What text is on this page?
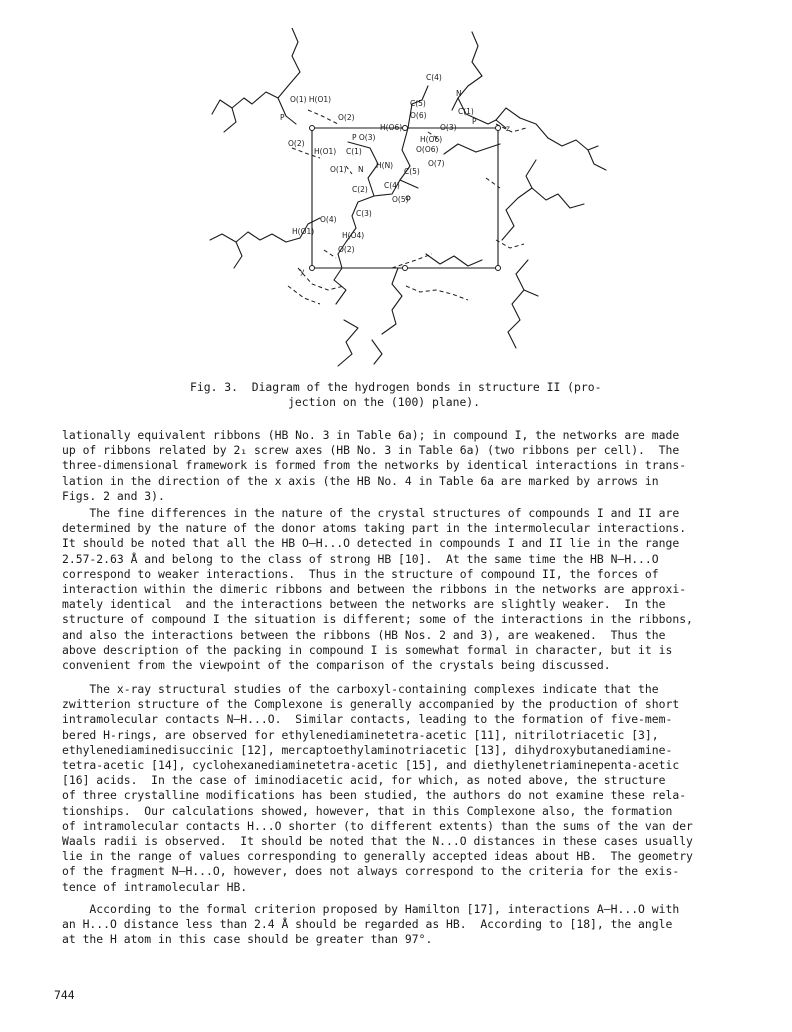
C(4)
N
O(1) H(O1)
P	O(2)
C(5)
O(6)	C(1)
H(O6)	O(3)
P
z
O(2)
P O(3)	H(O6)
H(O1) C(1)	O(O6)
O(1) N H(N)
C(5)
O(7)
C(2) C(4)
O(5)
C(3)
O(4)
H(O1)	H(O4)
O(2)
y
Fig. 3.  Diagram of the hydrogen bonds in structure II (pro-
jection on the (100) plane).

lationally equivalent ribbons (HB No. 3 in Table 6a); in compound I, the networks are made
up of ribbons related by 2₁ screw axes (HB No. 3 in Table 6a) (two ribbons per cell).  The
three-dimensional framework is formed from the networks by identical interactions in trans-
lation in the direction of the x axis (the HB No. 4 in Table 6a are marked by arrows in
Figs. 2 and 3).

The fine differences in the nature of the crystal structures of compounds I and II are
determined by the nature of the donor atoms taking part in the intermolecular interactions.
It should be noted that all the HB O—H...O detected in compounds I and II lie in the range
2.57-2.63 Å and belong to the class of strong HB [10].  At the same time the HB N—H...O
correspond to weaker interactions.  Thus in the structure of compound II, the forces of
interaction within the dimeric ribbons and between the ribbons in the networks are approxi-
mately identical  and the interactions between the networks are slightly weaker.  In the
structure of compound I the situation is different; some of the interactions in the ribbons,
and also the interactions between the ribbons (HB Nos. 2 and 3), are weakened.  Thus the
above description of the packing in compound I is somewhat formal in character, but it is
convenient from the viewpoint of the comparison of the crystals being discussed.

The x-ray structural studies of the carboxyl-containing complexes indicate that the
zwitterion structure of the Complexone is generally accompanied by the production of short
intramolecular contacts N—H...O.  Similar contacts, leading to the formation of five-mem-
bered H-rings, are observed for ethylenediaminetetra-acetic [11], nitrilotriacetic [3],
ethylenediaminedisuccinic [12], mercaptoethylaminotriacetic [13], dihydroxybutanediamine-
tetra-acetic [14], cyclohexanediaminetetra-acetic [15], and diethylenetriaminepenta-acetic
[16] acids.  In the case of iminodiacetic acid, for which, as noted above, the structure
of three crystalline modifications has been studied, the authors do not examine these rela-
tionships.  Our calculations showed, however, that in this Complexone also, the formation
of intramolecular contacts H...O shorter (to different extents) than the sums of the van der
Waals radii is observed.  It should be noted that the N...O distances in these cases usually
lie in the range of values corresponding to generally accepted ideas about HB.  The geometry
of the fragment N—H...O, however, does not always correspond to the criteria for the exis-
tence of intramolecular HB.

According to the formal criterion proposed by Hamilton [17], interactions A—H...O with
an H...O distance less than 2.4 Å should be regarded as HB.  According to [18], the angle
at the H atom in this case should be greater than 97°.

744
